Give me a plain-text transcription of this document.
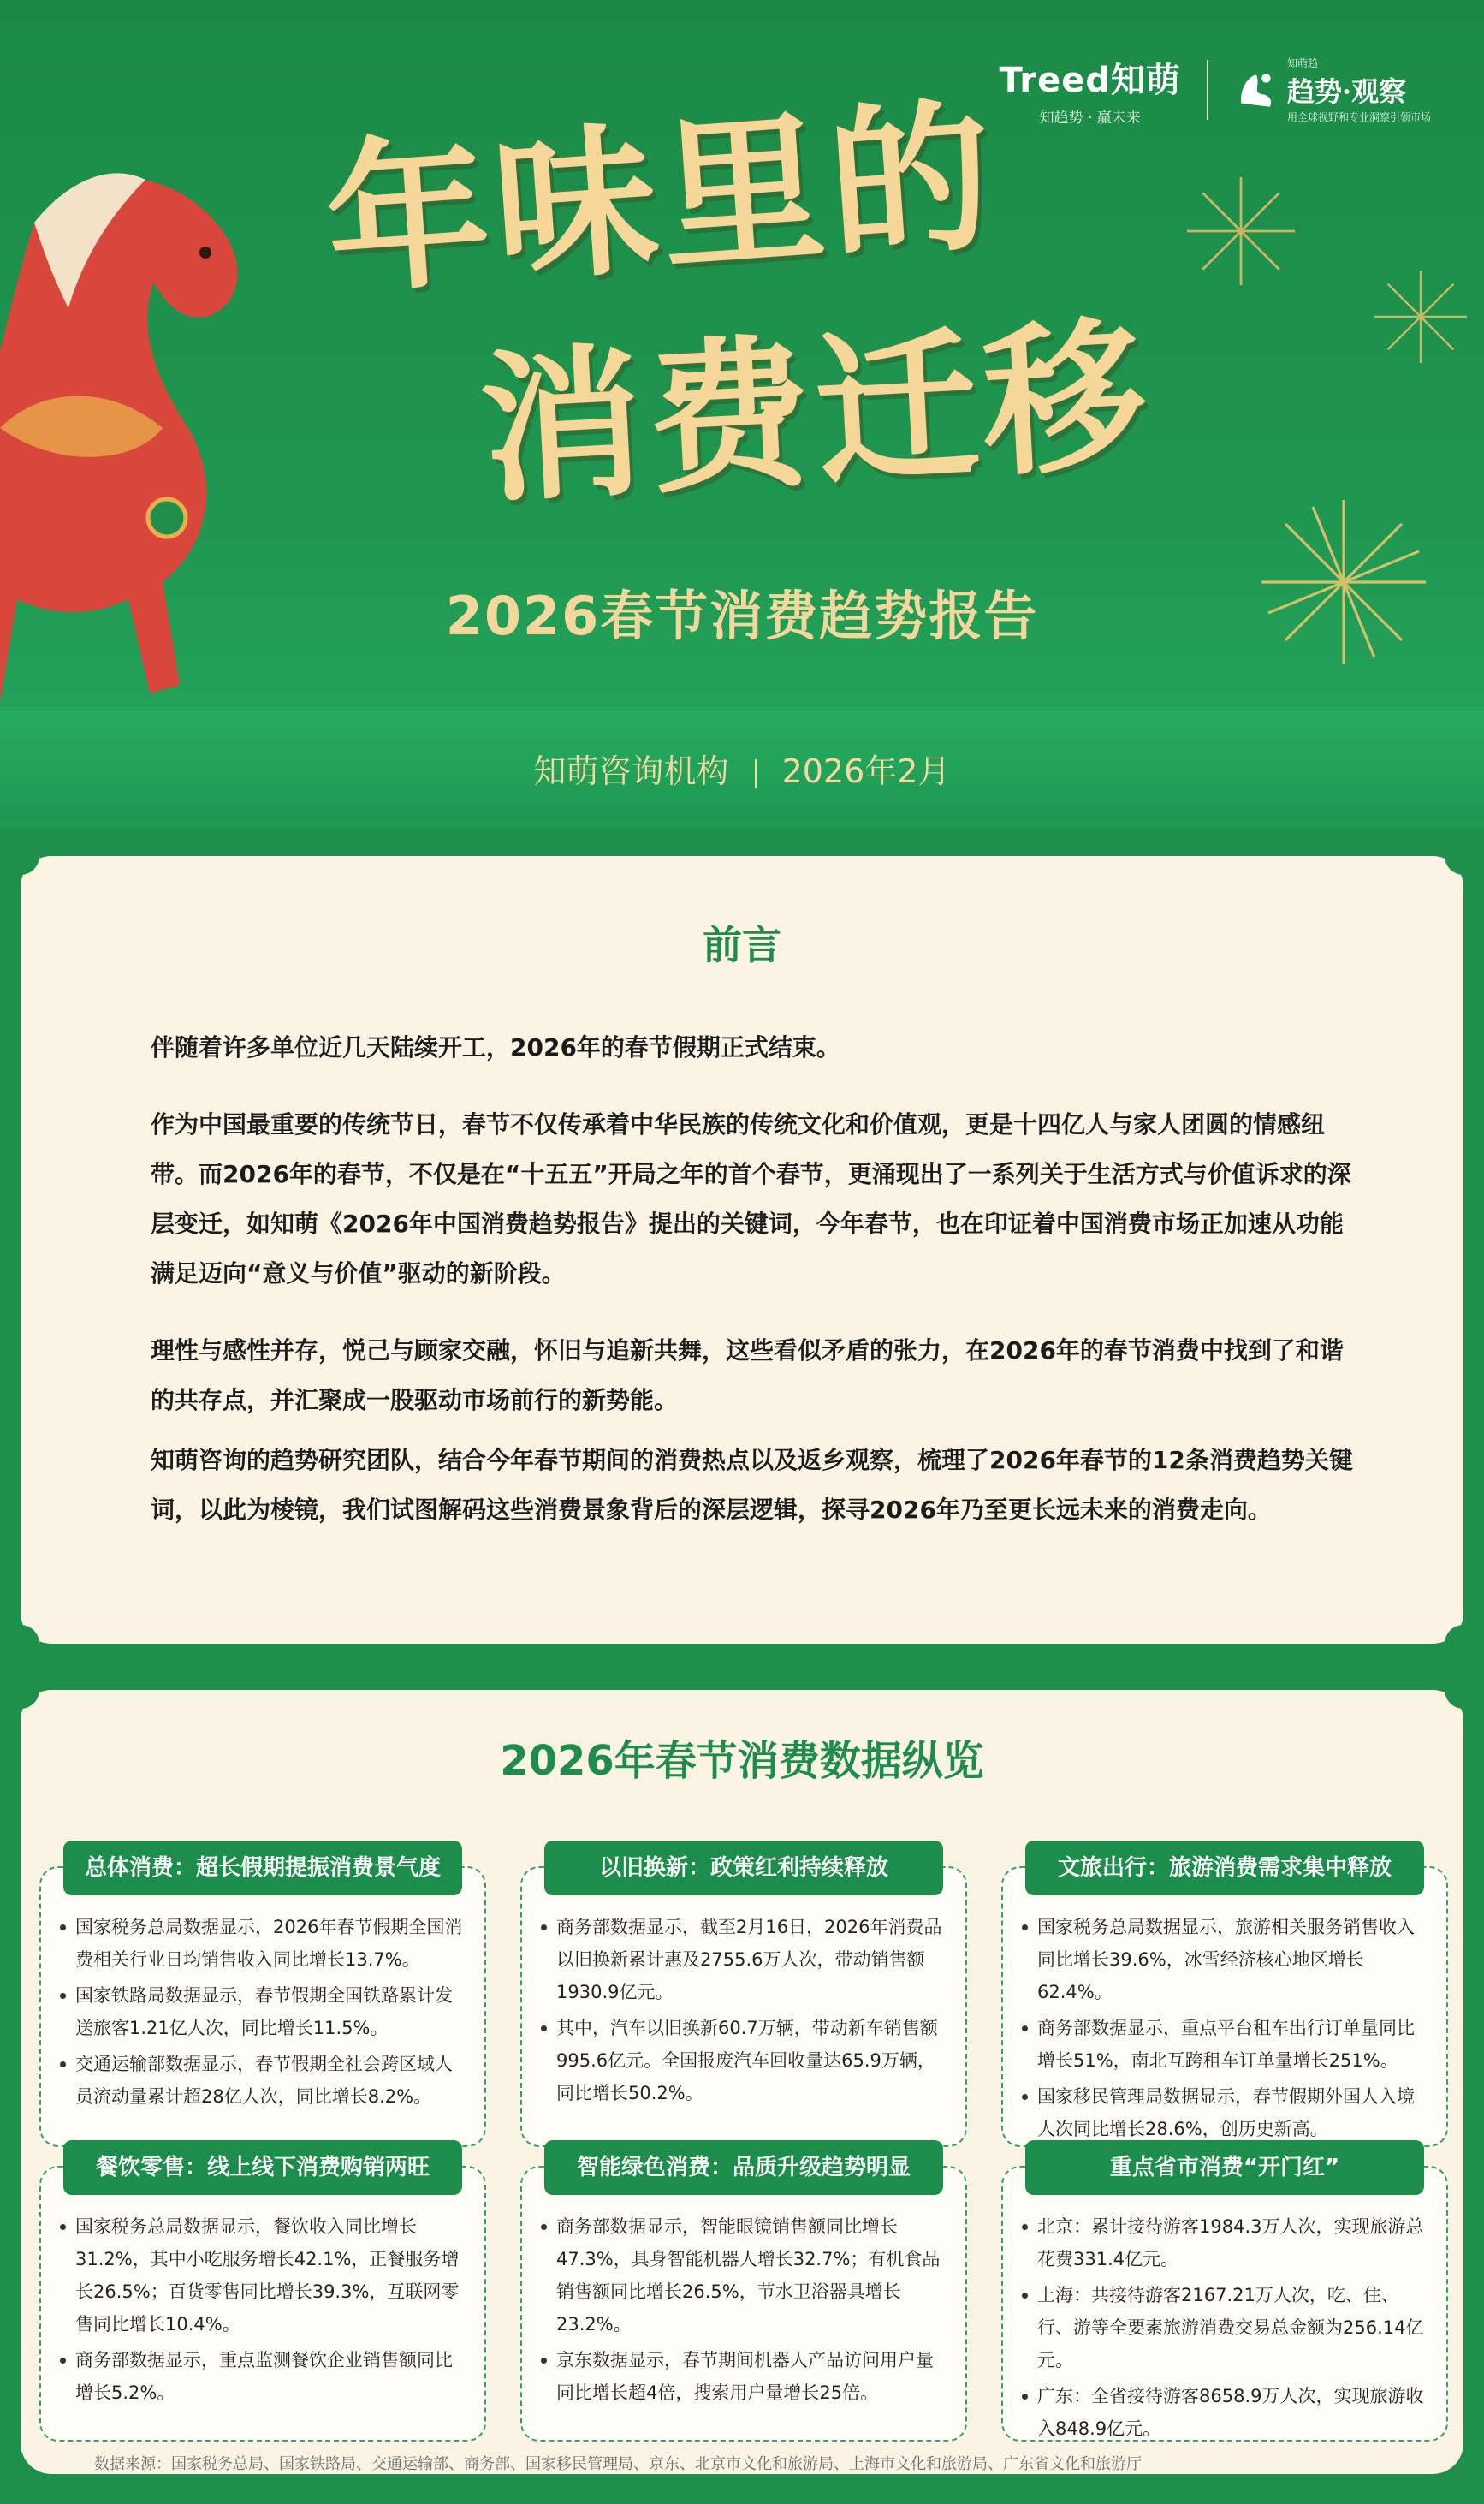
Treed知萌
知趋势 · 赢未来
知萌趋
趋势·观察
用全球视野和专业洞察引领市场
年味里的
消费迁移
2026春节消费趋势报告
知萌咨询机构 2026年2月
前言

伴随着许多单位近几天陆续开工，2026年的春节假期正式结束。

作为中国最重要的传统节日，春节不仅传承着中华民族的传统文化和价值观，更是十四亿人与家人团圆的情感纽带。而2026年的春节，不仅是在“十五五”开局之年的首个春节，更涌现出了一系列关于生活方式与价值诉求的深层变迁，如知萌《2026年中国消费趋势报告》提出的关键词，今年春节，也在印证着中国消费市场正加速从功能满足迈向“意义与价值”驱动的新阶段。

理性与感性并存，悦己与顾家交融，怀旧与追新共舞，这些看似矛盾的张力，在2026年的春节消费中找到了和谐的共存点，并汇聚成一股驱动市场前行的新势能。

知萌咨询的趋势研究团队，结合今年春节期间的消费热点以及返乡观察，梳理了2026年春节的12条消费趋势关键词，以此为棱镜，我们试图解码这些消费景象背后的深层逻辑，探寻2026年乃至更长远未来的消费走向。

2026年春节消费数据纵览
总体消费：超长假期提振消费景气度
国家税务总局数据显示，2026年春节假期全国消费相关行业日均销售收入同比增长13.7%。
国家铁路局数据显示，春节假期全国铁路累计发送旅客1.21亿人次，同比增长11.5%。
交通运输部数据显示，春节假期全社会跨区域人员流动量累计超28亿人次，同比增长8.2%。
以旧换新：政策红利持续释放
商务部数据显示，截至2月16日，2026年消费品以旧换新累计惠及2755.6万人次，带动销售额1930.9亿元。
其中，汽车以旧换新60.7万辆，带动新车销售额995.6亿元。全国报废汽车回收量达65.9万辆，同比增长50.2%。
文旅出行：旅游消费需求集中释放
国家税务总局数据显示，旅游相关服务销售收入同比增长39.6%，冰雪经济核心地区增长62.4%。
商务部数据显示，重点平台租车出行订单量同比增长51%，南北互跨租车订单量增长251%。
国家移民管理局数据显示，春节假期外国人入境人次同比增长28.6%，创历史新高。
餐饮零售：线上线下消费购销两旺
国家税务总局数据显示，餐饮收入同比增长31.2%，其中小吃服务增长42.1%，正餐服务增长26.5%；百货零售同比增长39.3%，互联网零售同比增长10.4%。
商务部数据显示，重点监测餐饮企业销售额同比增长5.2%。
智能绿色消费：品质升级趋势明显
商务部数据显示，智能眼镜销售额同比增长47.3%，具身智能机器人增长32.7%；有机食品销售额同比增长26.5%，节水卫浴器具增长23.2%。
京东数据显示，春节期间机器人产品访问用户量同比增长超4倍，搜索用户量增长25倍。
重点省市消费“开门红”
北京：累计接待游客1984.3万人次，实现旅游总花费331.4亿元。
上海：共接待游客2167.21万人次，吃、住、行、游等全要素旅游消费交易总金额为256.14亿元。
广东：全省接待游客8658.9万人次，实现旅游收入848.9亿元。
数据来源：国家税务总局、国家铁路局、交通运输部、商务部、国家移民管理局、京东、北京市文化和旅游局、上海市文化和旅游局、广东省文化和旅游厅
